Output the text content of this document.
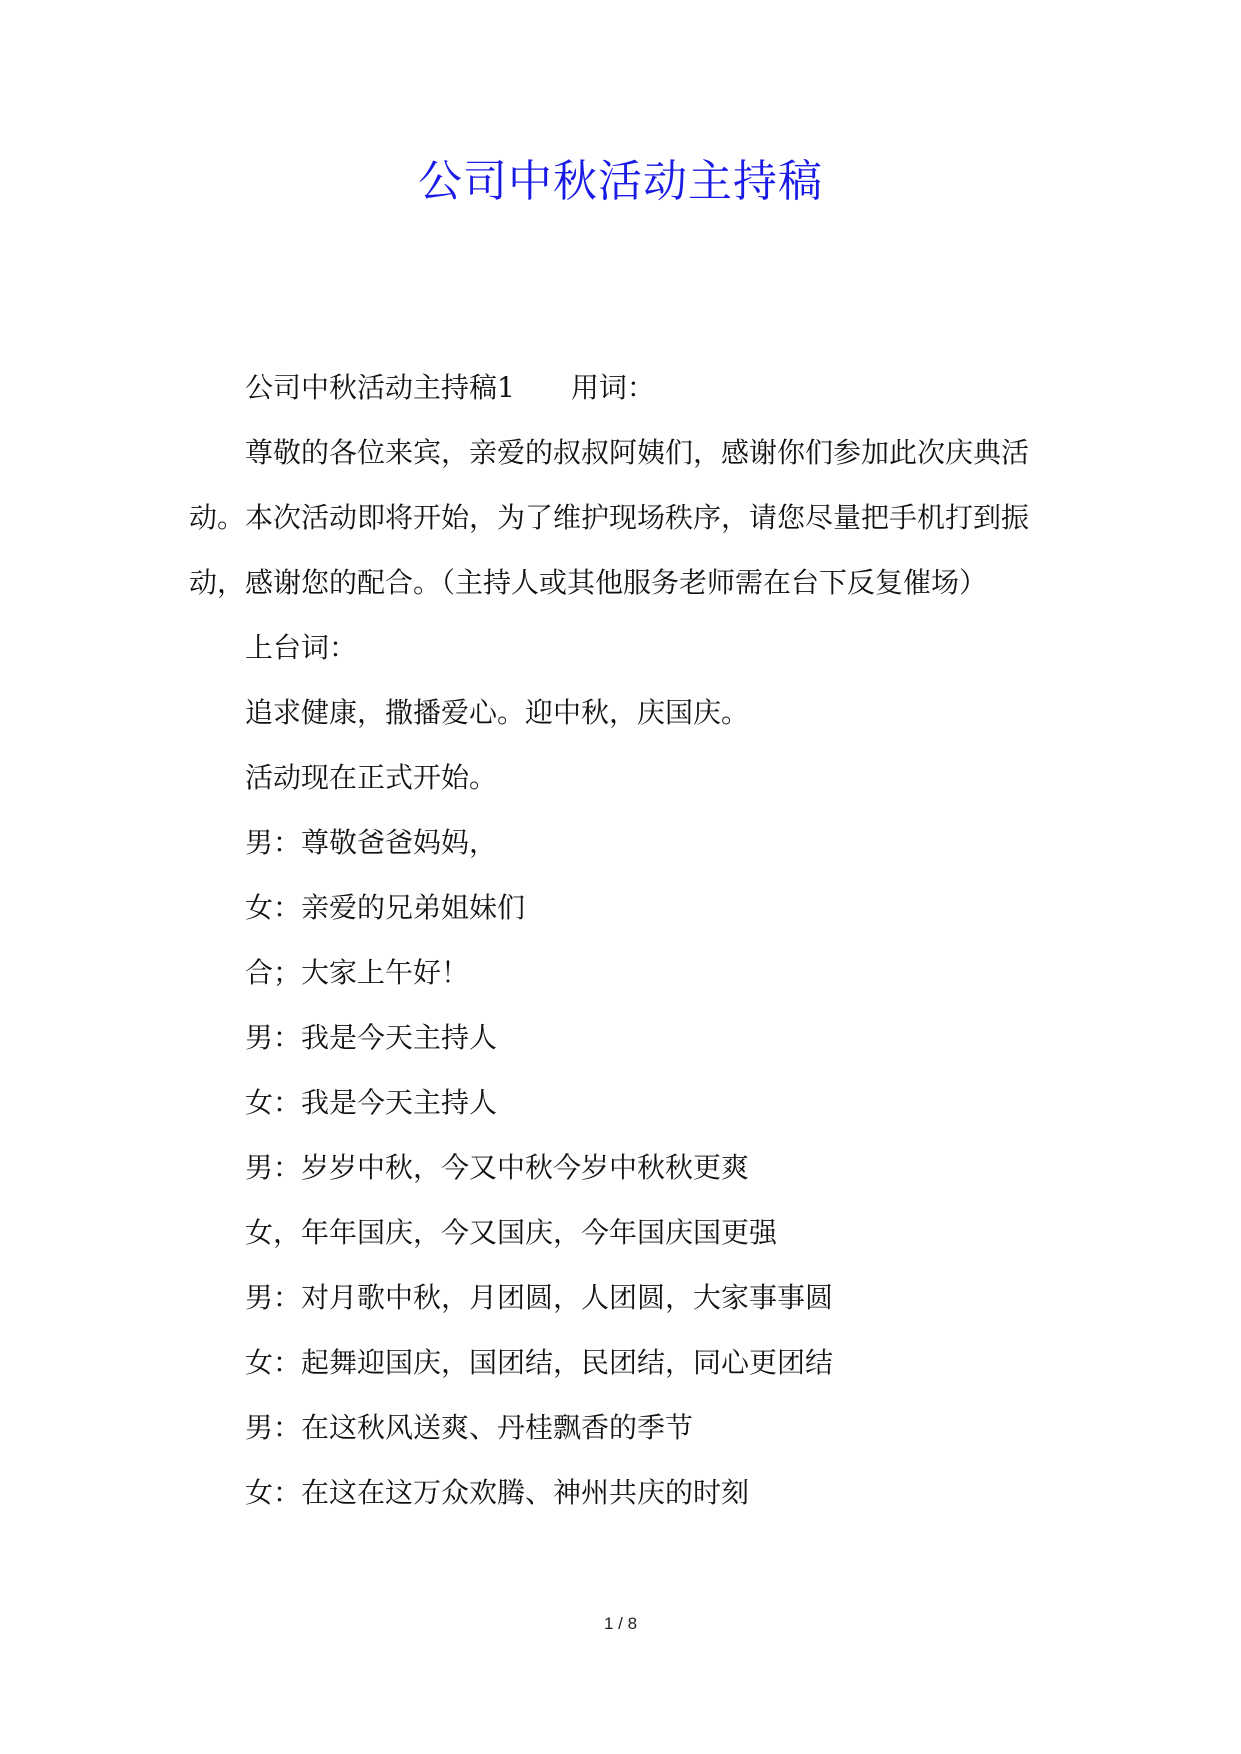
公司中秋活动主持稿

公司中秋活动主持稿1　　用词：

尊敬的各位来宾，亲爱的叔叔阿姨们，感谢你们参加此次庆典活动。本次活动即将开始，为了维护现场秩序，请您尽量把手机打到振动，感谢您的配合。（主持人或其他服务老师需在台下反复催场）

上台词：

追求健康，撒播爱心。迎中秋，庆国庆。

活动现在正式开始。

男：尊敬爸爸妈妈，

女：亲爱的兄弟姐妹们

合；大家上午好！

男：我是今天主持人

女：我是今天主持人

男：岁岁中秋，今又中秋今岁中秋秋更爽

女，年年国庆，今又国庆，今年国庆国更强

男：对月歌中秋，月团圆，人团圆，大家事事圆

女：起舞迎国庆，国团结，民团结，同心更团结

男：在这秋风送爽、丹桂飘香的季节

女：在这在这万众欢腾、神州共庆的时刻

1 / 8
